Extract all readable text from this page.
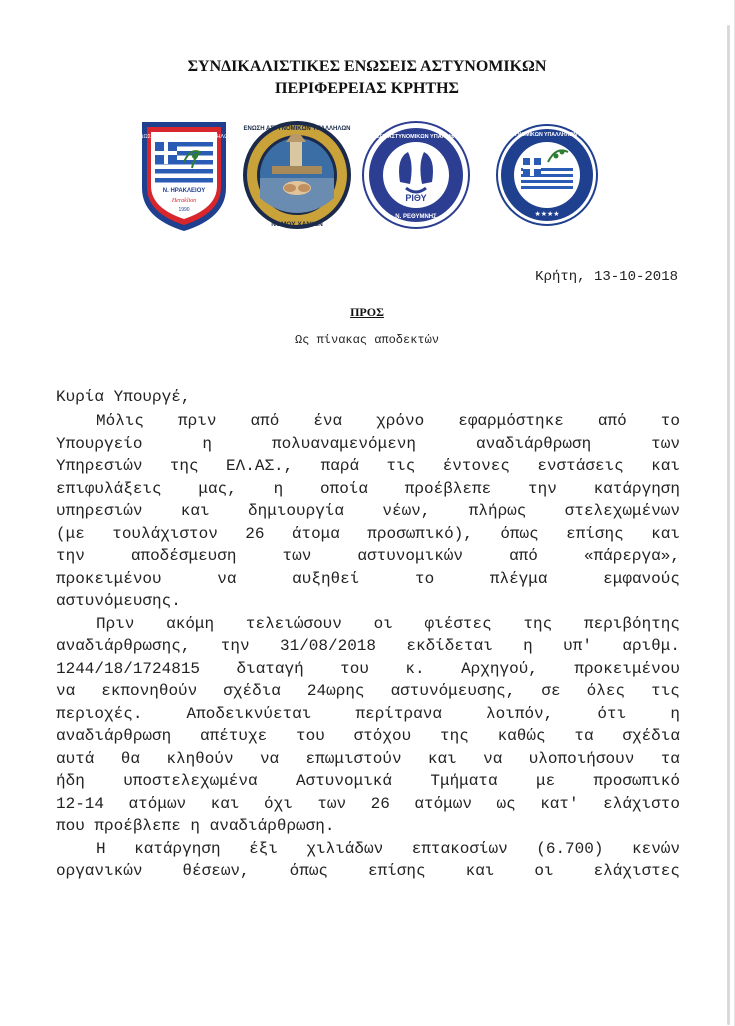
ΣΥΝΔΙΚΑΛΙΣΤΙΚΕΣ ΕΝΩΣΕΙΣ ΑΣΤΥΝΟΜΙΚΩΝ
ΠΕΡΙΦΕΡΕΙΑΣ ΚΡΗΤΗΣ
ΕΝΩΣΗ ΑΣΤΥΝΟΜΙΚΩΝ ΥΠΑΛΛΗΛΩΝ
Ν. ΗΡΑΚΛΕΙΟΥ
Heraklion
1990
ΕΝΩΣΗ ΑΣΤΥΝΟΜΙΚΩΝ ΥΠΑΛΛΗΛΩΝ
ΝΟΜΟΥ ΧΑΝΙΩΝ
ΡΙΘΥ
ΕΝΩΣΗ ΑΣΤΥΝΟΜΙΚΩΝ ΥΠΑΛΛΗΛΩΝ
Ν. ΡΕΘΥΜΝΗΣ
ΕΝΩΣΗ ΑΣΤΥΝΟΜΙΚΩΝ ΥΠΑΛΛΗΛΩΝ Ν. ΛΑΣΙΘΙΟΥ
★★★★
Κρήτη, 13-10-2018
ΠΡΟΣ
Ως πίνακας αποδεκτών
Κυρία Υπουργέ,
Μόλις πριν από ένα χρόνο εφαρμόστηκε από το
Υπουργείο	η	πολυαναμενόμενη	αναδιάρθρωση	των
Υπηρεσιών της ΕΛ.ΑΣ., παρά τις έντονες ενστάσεις και
επιφυλάξεις μας, η οποία προέβλεπε την κατάργηση
υπηρεσιών και δημιουργία νέων, πλήρως στελεχωμένων
(με τουλάχιστον 26 άτομα προσωπικό), όπως επίσης και
την	αποδέσμευση	των	αστυνομικών	από	«πάρεργα»,
προκειμένου	να	αυξηθεί	το	πλέγμα	εμφανούς
αστυνόμευσης.
Πριν ακόμη τελειώσουν οι φιέστες της περιβόητης
αναδιάρθρωσης, την 31/08/2018 εκδίδεται η υπ' αριθμ.
1244/18/1724815 διαταγή του κ. Αρχηγού, προκειμένου
να εκπονηθούν σχέδια 24ωρης αστυνόμευσης, σε όλες τις
περιοχές.	Αποδεικνύεται	περίτρανα	λοιπόν,	ότι	η
αναδιάρθρωση απέτυχε του στόχου της καθώς τα σχέδια
αυτά θα κληθούν να επωμιστούν και να υλοποιήσουν τα
ήδη υποστελεχωμένα Αστυνομικά Τμήματα με προσωπικό
12-14 ατόμων και όχι των 26 ατόμων ως κατ' ελάχιστο
που προέβλεπε η αναδιάρθρωση.
Η κατάργηση έξι χιλιάδων επτακοσίων (6.700) κενών
οργανικών θέσεων, όπως επίσης και οι ελάχιστες
